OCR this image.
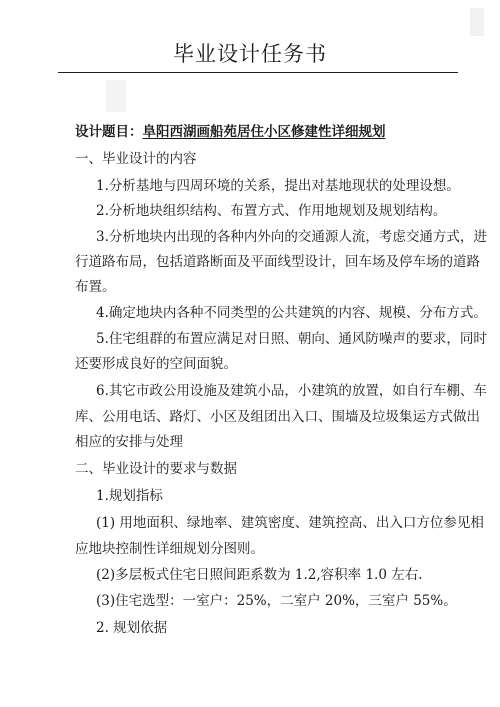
毕业设计任务书
设计题目：阜阳西湖画船苑居住小区修建性详细规划
一、毕业设计的内容
1.分析基地与四周环境的关系，提出对基地现状的处理设想。
2.分析地块组织结构、布置方式、作用地规划及规划结构。
3.分析地块内出现的各种内外向的交通源人流，考虑交通方式，进
行道路布局，包括道路断面及平面线型设计，回车场及停车场的道路
布置。
4.确定地块内各种不同类型的公共建筑的内容、规模、分布方式。
5.住宅组群的布置应满足对日照、朝向、通风防噪声的要求，同时
还要形成良好的空间面貌。
6.其它市政公用设施及建筑小品，小建筑的放置，如自行车棚、车
库、公用电话、路灯、小区及组团出入口、围墙及垃圾集运方式做出
相应的安排与处理
二、毕业设计的要求与数据
1.规划指标
(1) 用地面积、绿地率、建筑密度、建筑控高、出入口方位参见相
应地块控制性详细规划分图则。
(2)多层板式住宅日照间距系数为 1.2,容积率 1.0 左右.
(3)住宅选型：一室户：25%，二室户 20%，三室户 55%。
2. 规划依据
